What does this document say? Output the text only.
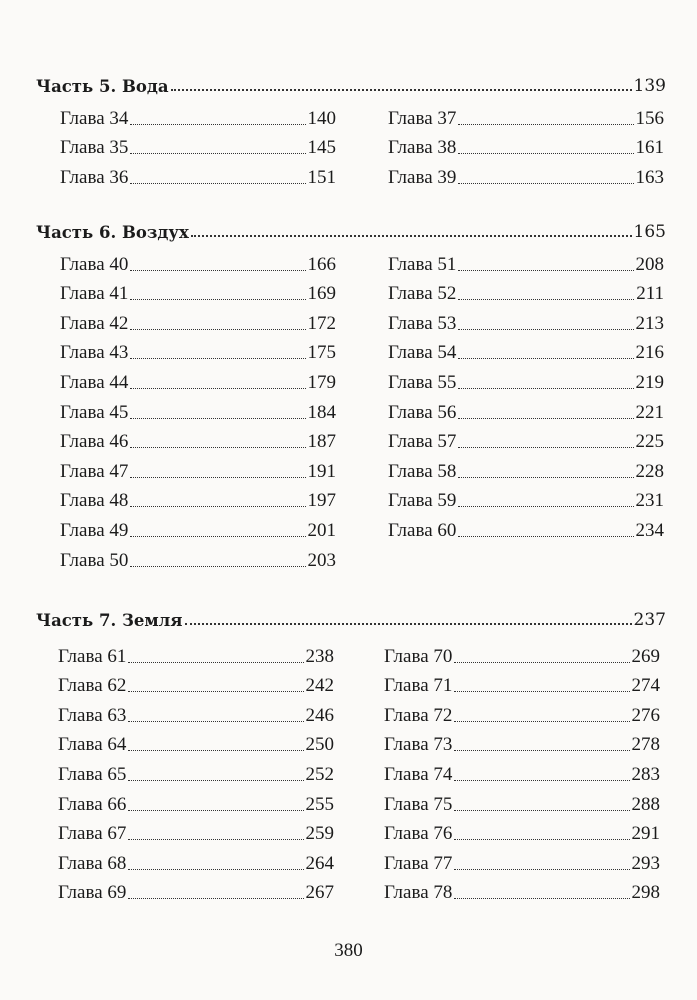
Часть 5. Вода	139
Глава 34	140
Глава 35	145
Глава 36	151
Глава 37	156
Глава 38	161
Глава 39	163
Часть 6. Воздух	165
Глава 40	166
Глава 41	169
Глава 42	172
Глава 43	175
Глава 44	179
Глава 45	184
Глава 46	187
Глава 47	191
Глава 48	197
Глава 49	201
Глава 50	203
Глава 51	208
Глава 52	211
Глава 53	213
Глава 54	216
Глава 55	219
Глава 56	221
Глава 57	225
Глава 58	228
Глава 59	231
Глава 60	234
Часть 7. Земля	237
Глава 61	238
Глава 62	242
Глава 63	246
Глава 64	250
Глава 65	252
Глава 66	255
Глава 67	259
Глава 68	264
Глава 69	267
Глава 70	269
Глава 71	274
Глава 72	276
Глава 73	278
Глава 74	283
Глава 75	288
Глава 76	291
Глава 77	293
Глава 78	298
380
